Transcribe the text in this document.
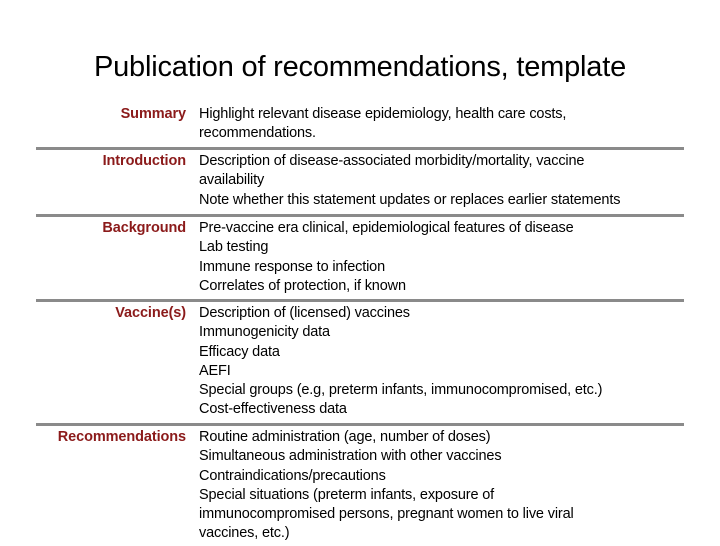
Publication of recommendations, template
Summary Highlight relevant disease epidemiology, health care costs,
recommendations.
Introduction Description of disease-associated morbidity/mortality, vaccine
availability
Note whether this statement updates or replaces earlier statements
Background Pre-vaccine era clinical, epidemiological features of disease
Lab testing
Immune response to infection
Correlates of protection, if known
Vaccine(s) Description of (licensed) vaccines
Immunogenicity data
Efficacy data
AEFI
Special groups (e.g, preterm infants, immunocompromised, etc.)
Cost-effectiveness data
Recommendations Routine administration (age, number of doses)
Simultaneous administration with other vaccines
Contraindications/precautions
Special situations (preterm infants, exposure of
immunocompromised persons, pregnant women to live viral
vaccines, etc.)
